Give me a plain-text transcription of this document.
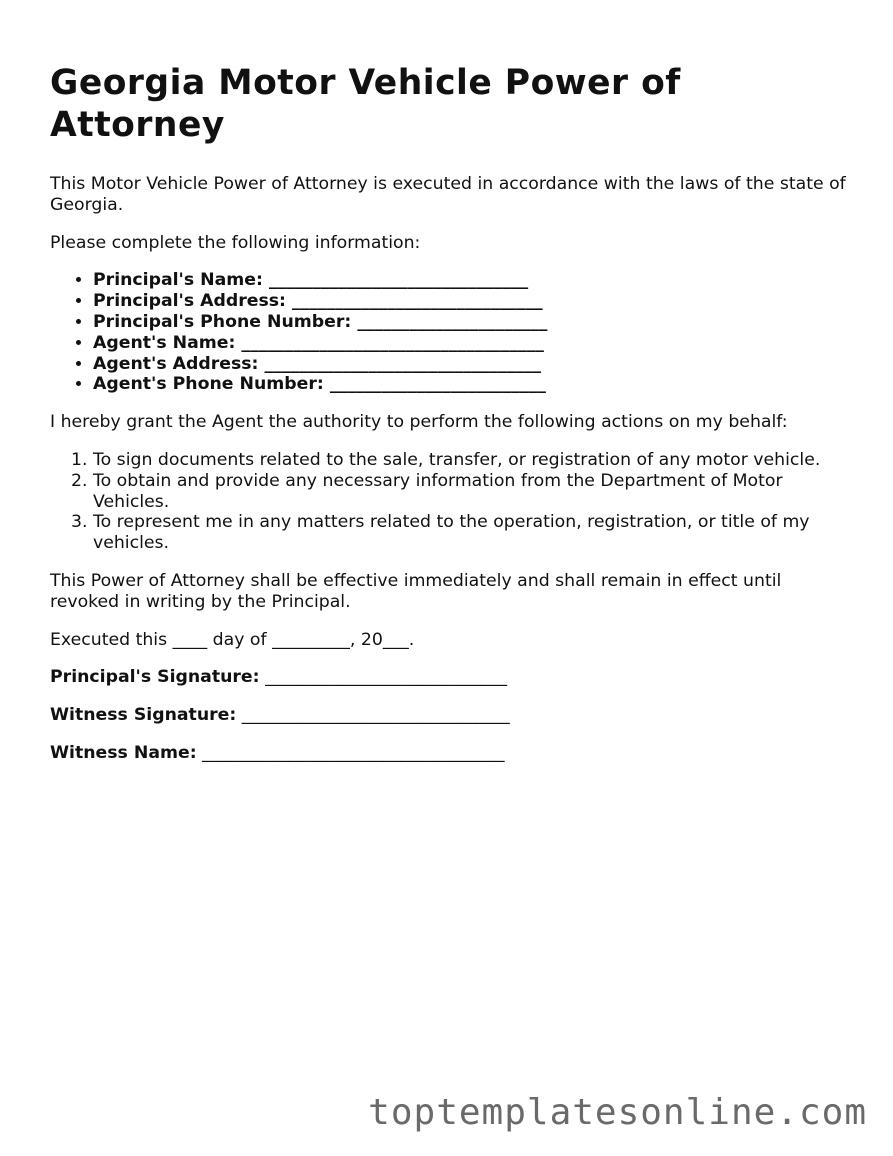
Georgia Motor Vehicle Power of Attorney

This Motor Vehicle Power of Attorney is executed in accordance with the laws of the state of Georgia.

Please complete the following information:

• Principal's Name: ______________________________
• Principal's Address: _____________________________
• Principal's Phone Number: ______________________
• Agent's Name: ___________________________________
• Agent's Address: ________________________________
• Agent's Phone Number: _________________________

I hereby grant the Agent the authority to perform the following actions on my behalf:

1. To sign documents related to the sale, transfer, or registration of any motor vehicle.
2. To obtain and provide any necessary information from the Department of Motor Vehicles.
3. To represent me in any matters related to the operation, registration, or title of my vehicles.

This Power of Attorney shall be effective immediately and shall remain in effect until revoked in writing by the Principal.

Executed this ____ day of _________, 20___.

Principal's Signature: ____________________________

Witness Signature: _______________________________

Witness Name: ___________________________________

toptemplatesonline.com
